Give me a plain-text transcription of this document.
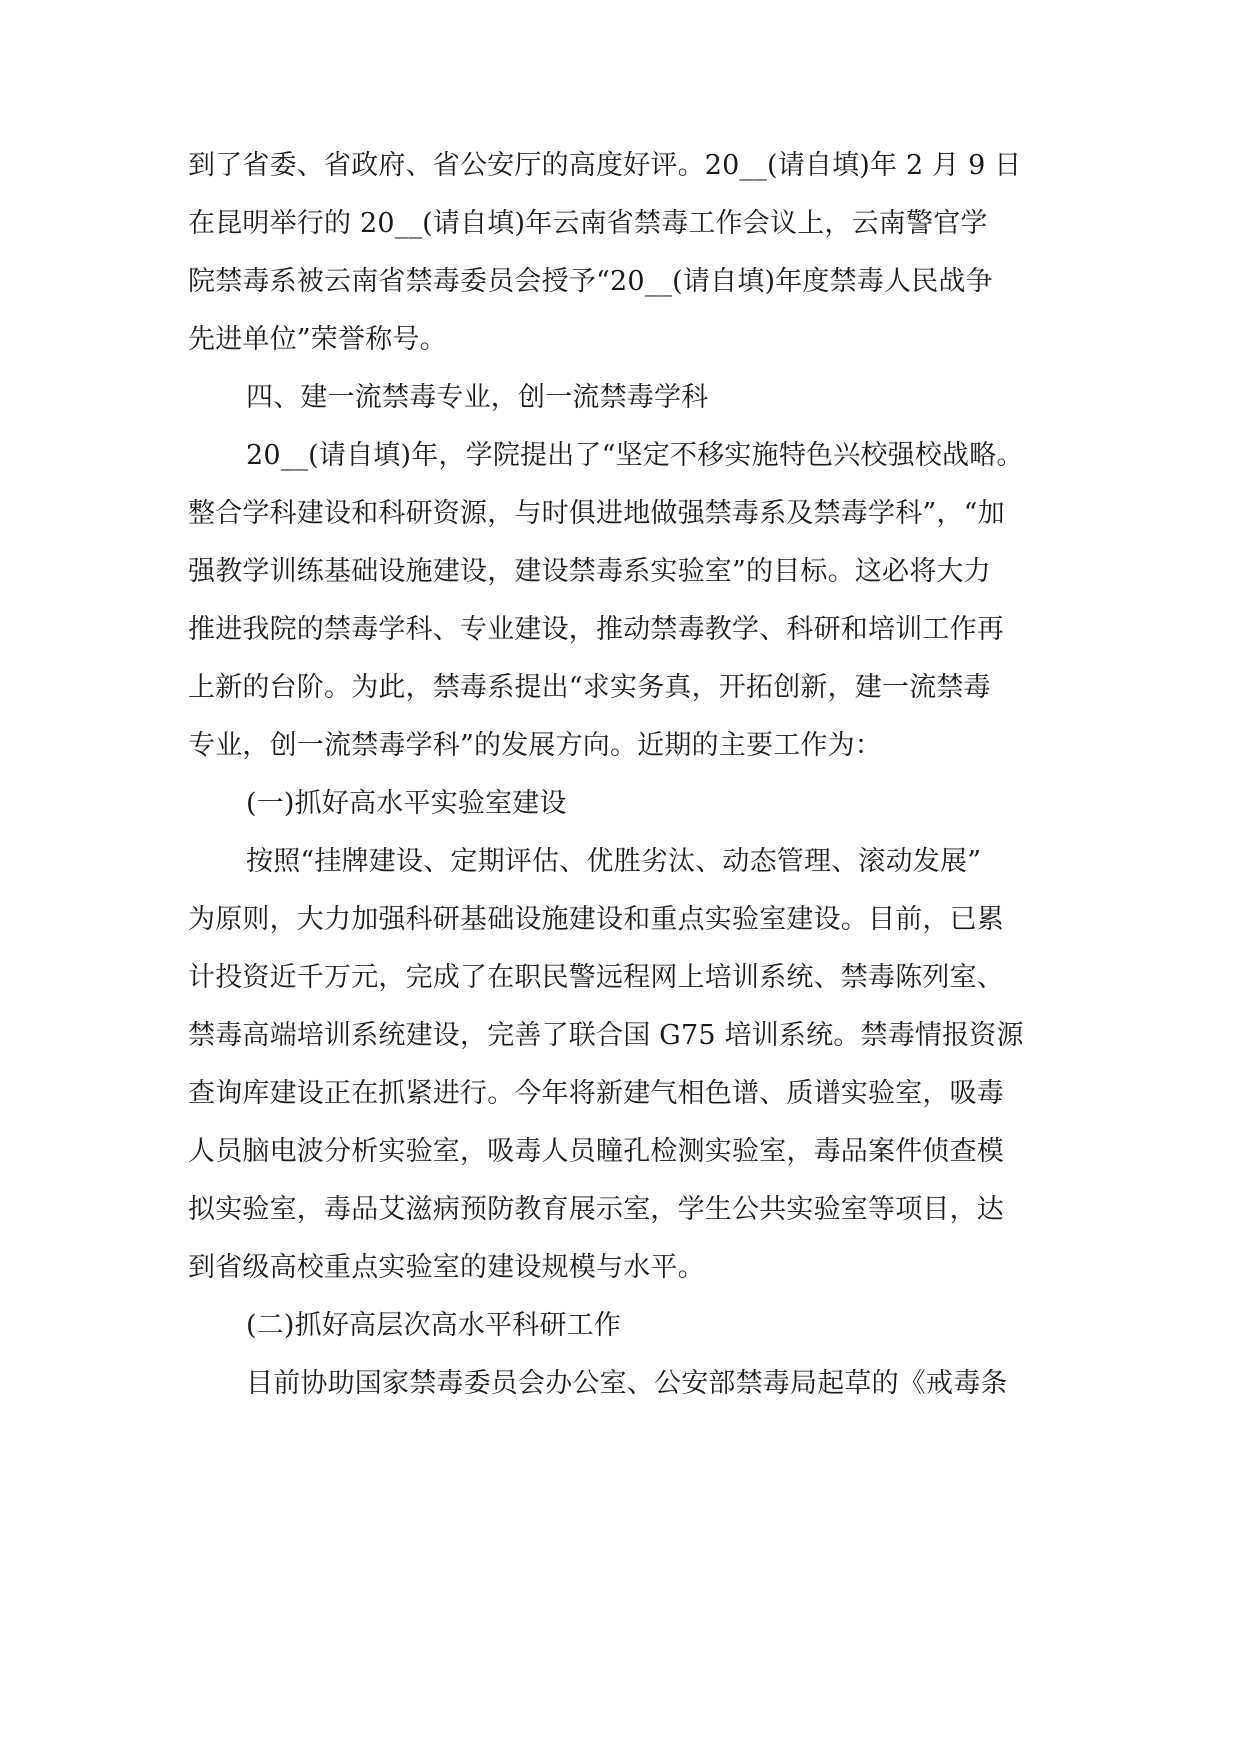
到了省委、省政府、省公安厅的高度好评。20__(请自填)年 2 月 9 日
在昆明举行的 20__(请自填)年云南省禁毒工作会议上，云南警官学
院禁毒系被云南省禁毒委员会授予“20__(请自填)年度禁毒人民战争
先进单位”荣誉称号。
四、建一流禁毒专业，创一流禁毒学科
20__(请自填)年，学院提出了“坚定不移实施特色兴校强校战略。
整合学科建设和科研资源，与时俱进地做强禁毒系及禁毒学科”，“加
强教学训练基础设施建设，建设禁毒系实验室”的目标。这必将大力
推进我院的禁毒学科、专业建设，推动禁毒教学、科研和培训工作再
上新的台阶。为此，禁毒系提出“求实务真，开拓创新，建一流禁毒
专业，创一流禁毒学科”的发展方向。近期的主要工作为：
(一)抓好高水平实验室建设
按照“挂牌建设、定期评估、优胜劣汰、动态管理、滚动发展”
为原则，大力加强科研基础设施建设和重点实验室建设。目前，已累
计投资近千万元，完成了在职民警远程网上培训系统、禁毒陈列室、
禁毒高端培训系统建设，完善了联合国 G75 培训系统。禁毒情报资源
查询库建设正在抓紧进行。今年将新建气相色谱、质谱实验室，吸毒
人员脑电波分析实验室，吸毒人员瞳孔检测实验室，毒品案件侦查模
拟实验室，毒品艾滋病预防教育展示室，学生公共实验室等项目，达
到省级高校重点实验室的建设规模与水平。
(二)抓好高层次高水平科研工作
目前协助国家禁毒委员会办公室、公安部禁毒局起草的《戒毒条
